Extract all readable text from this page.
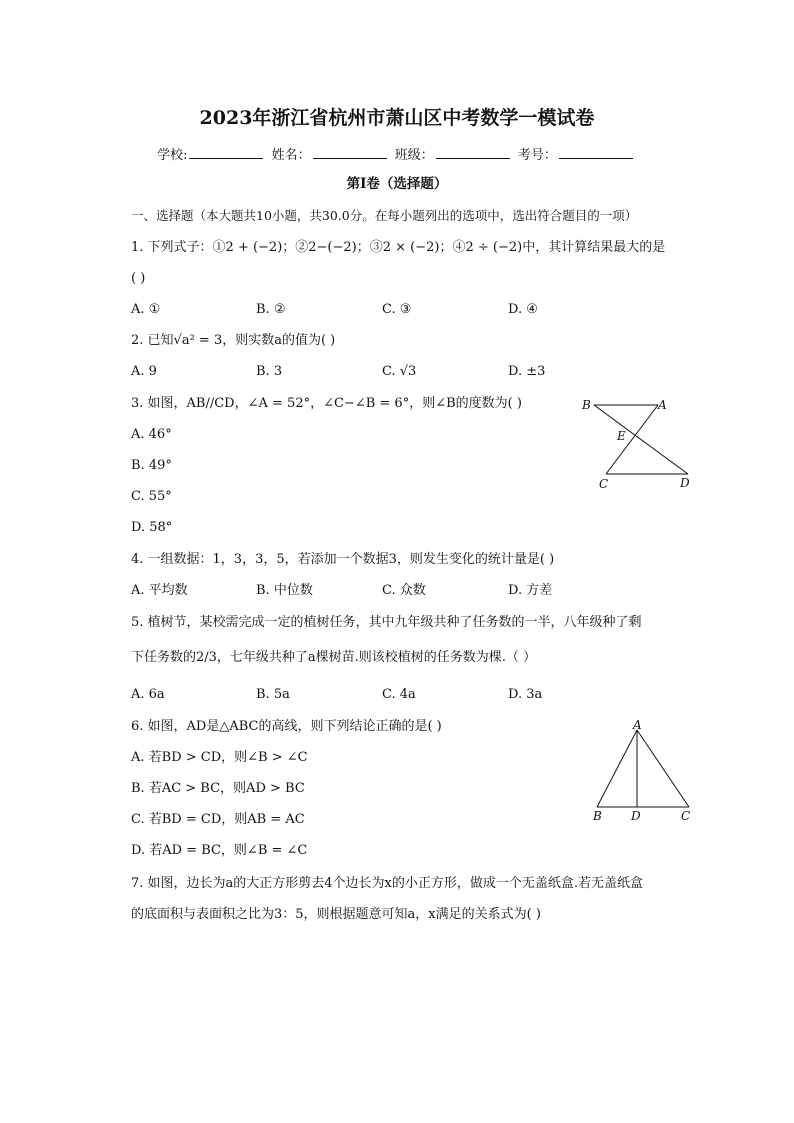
2023年浙江省杭州市萧山区中考数学一模试卷
学校:	姓名：	班级：	考号：
第Ⅰ卷（选择题）
一、选择题（本大题共10小题，共30.0分。在每小题列出的选项中，选出符合题目的一项）
1. 下列式子：①2 + (−2)；②2−(−2)；③2 × (−2)；④2 ÷ (−2)中，其计算结果最大的是
( )
A. ①	B. ②	C. ③	D. ④
2. 已知√a² = 3，则实数a的值为( )
A. 9	B. 3	C. √3	D. ±3
3. 如图，AB//CD，∠A = 52°，∠C−∠B = 6°，则∠B的度数为( )
A. 46°
B. 49°
C. 55°
D. 58°
B	A
E
C	D
4. 一组数据：1，3，3，5，若添加一个数据3，则发生变化的统计量是( )
A. 平均数	B. 中位数	C. 众数	D. 方差
5. 植树节，某校需完成一定的植树任务，其中九年级共种了任务数的一半，八年级种了剩
下任务数的2/3，七年级共种了a棵树苗.则该校植树的任务数为棵.（ ）
A. 6a	B. 5a	C. 4a	D. 3a
6. 如图，AD是△ABC的高线，则下列结论正确的是( )
A. 若BD > CD，则∠B > ∠C
B. 若AC > BC，则AD > BC
C. 若BD = CD，则AB = AC
D. 若AD = BC，则∠B = ∠C
A
B D	C
7. 如图，边长为a的大正方形剪去4个边长为x的小正方形，做成一个无盖纸盒.若无盖纸盒
的底面积与表面积之比为3：5，则根据题意可知a，x满足的关系式为( )
